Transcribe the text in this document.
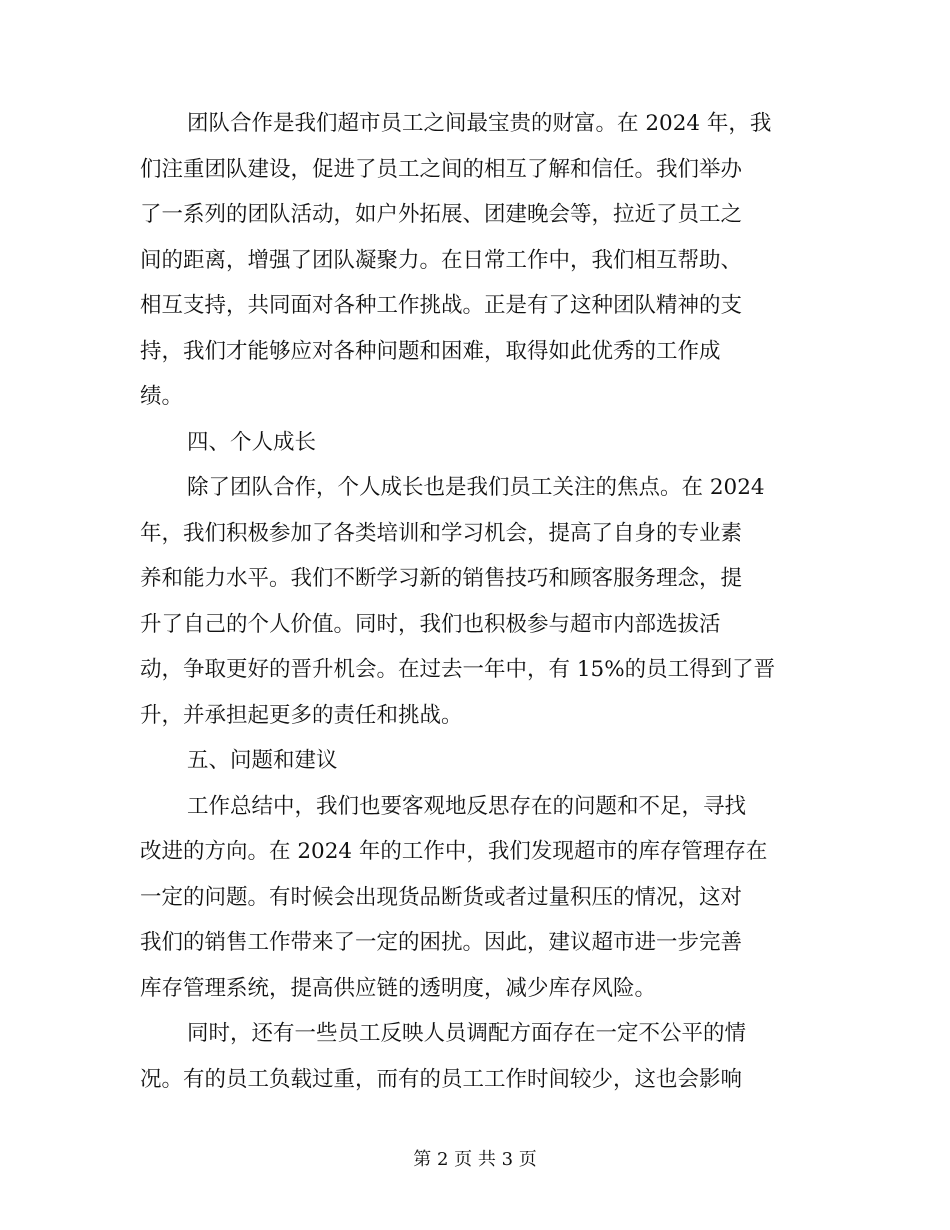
团队合作是我们超市员工之间最宝贵的财富。在 2024 年，我
们注重团队建设，促进了员工之间的相互了解和信任。我们举办
了一系列的团队活动，如户外拓展、团建晚会等，拉近了员工之
间的距离，增强了团队凝聚力。在日常工作中，我们相互帮助、
相互支持，共同面对各种工作挑战。正是有了这种团队精神的支
持，我们才能够应对各种问题和困难，取得如此优秀的工作成
绩。
四、个人成长
除了团队合作，个人成长也是我们员工关注的焦点。在 2024
年，我们积极参加了各类培训和学习机会，提高了自身的专业素
养和能力水平。我们不断学习新的销售技巧和顾客服务理念，提
升了自己的个人价值。同时，我们也积极参与超市内部选拔活
动，争取更好的晋升机会。在过去一年中，有 15%的员工得到了晋
升，并承担起更多的责任和挑战。
五、问题和建议
工作总结中，我们也要客观地反思存在的问题和不足，寻找
改进的方向。在 2024 年的工作中，我们发现超市的库存管理存在
一定的问题。有时候会出现货品断货或者过量积压的情况，这对
我们的销售工作带来了一定的困扰。因此，建议超市进一步完善
库存管理系统，提高供应链的透明度，减少库存风险。
同时，还有一些员工反映人员调配方面存在一定不公平的情
况。有的员工负载过重，而有的员工工作时间较少，这也会影响
第 2 页 共 3 页
